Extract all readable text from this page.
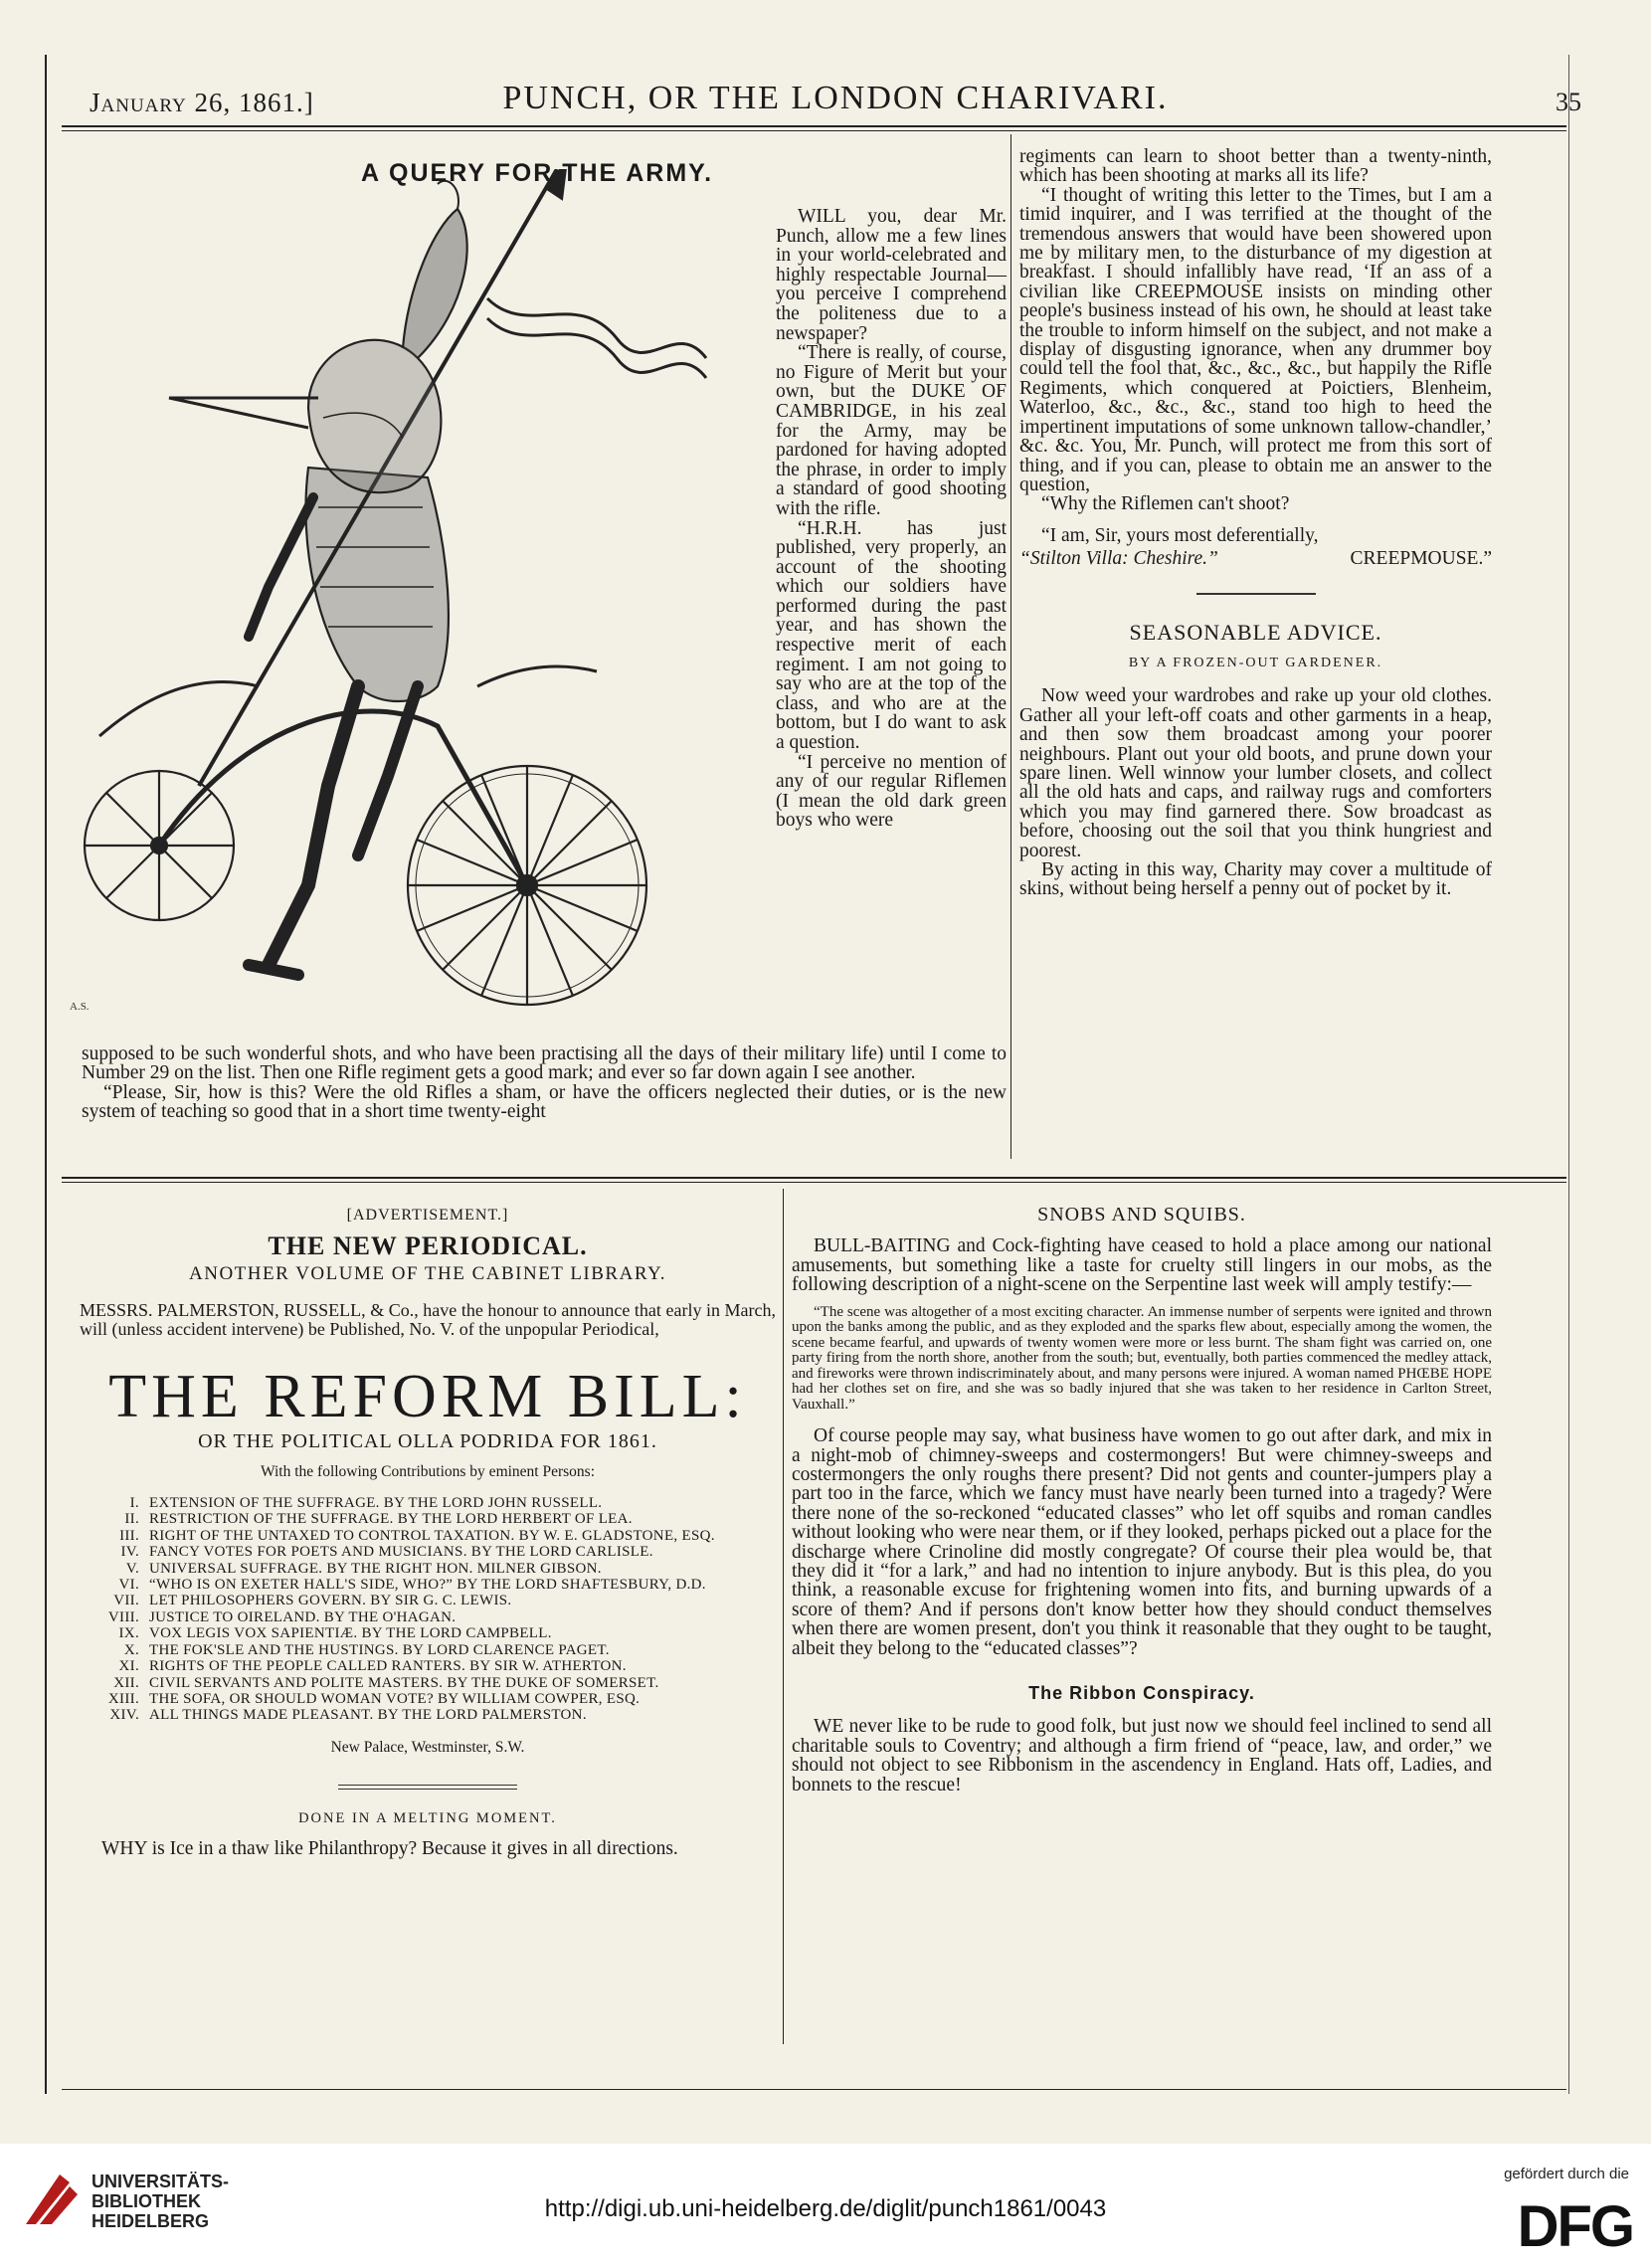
January 26, 1861.]	PUNCH, OR THE LONDON CHARIVARI.	35
A QUERY FOR THE ARMY.

WILL you, dear Mr. Punch, allow me a few lines in your world-celebrated and highly respectable Journal—you perceive I comprehend the politeness due to a newspaper?

“There is really, of course, no Figure of Merit but your own, but the DUKE OF CAMBRIDGE, in his zeal for the Army, may be pardoned for having adopted the phrase, in order to imply a standard of good shooting with the rifle.

“H.R.H. has just published, very properly, an account of the shooting which our soldiers have performed during the past year, and has shown the respective merit of each regiment. I am not going to say who are at the top of the class, and who are at the bottom, but I do want to ask a question.

“I perceive no mention of any of our regular Riflemen (I mean the old dark green boys who were

supposed to be such wonderful shots, and who have been practising all the days of their military life) until I come to Number 29 on the list. Then one Rifle regiment gets a good mark; and ever so far down again I see another.

“Please, Sir, how is this? Were the old Rifles a sham, or have the officers neglected their duties, or is the new system of teaching so good that in a short time twenty-eight

A.S.

regiments can learn to shoot better than a twenty-ninth, which has been shooting at marks all its life?

“I thought of writing this letter to the Times, but I am a timid inquirer, and I was terrified at the thought of the tremendous answers that would have been showered upon me by military men, to the disturbance of my digestion at breakfast. I should infallibly have read, ‘If an ass of a civilian like CREEPMOUSE insists on minding other people's business instead of his own, he should at least take the trouble to inform himself on the subject, and not make a display of disgusting ignorance, when any drummer boy could tell the fool that, &c., &c., &c., but happily the Rifle Regiments, which conquered at Poictiers, Blenheim, Waterloo, &c., &c., &c., stand too high to heed the impertinent imputations of some unknown tallow-chandler,’ &c. &c. You, Mr. Punch, will protect me from this sort of thing, and if you can, please to obtain me an answer to the question,

“Why the Riflemen can't shoot?

“I am, Sir, yours most deferentially,

“Stilton Villa: Cheshire.”	CREEPMOUSE.”
SEASONABLE ADVICE.
BY A FROZEN-OUT GARDENER.

Now weed your wardrobes and rake up your old clothes. Gather all your left-off coats and other garments in a heap, and then sow them broadcast among your poorer neighbours. Plant out your old boots, and prune down your spare linen. Well winnow your lumber closets, and collect all the old hats and caps, and railway rugs and comforters which you may find garnered there. Sow broadcast as before, choosing out the soil that you think hungriest and poorest.

By acting in this way, Charity may cover a multitude of skins, without being herself a penny out of pocket by it.

[ADVERTISEMENT.]
THE NEW PERIODICAL.
ANOTHER VOLUME OF THE CABINET LIBRARY.

MESSRS. PALMERSTON, RUSSELL, & Co., have the honour to announce that early in March, will (unless accident intervene) be Published, No. V. of the unpopular Periodical,

THE REFORM BILL:
OR THE POLITICAL OLLA PODRIDA FOR 1861.
With the following Contributions by eminent Persons:
I. EXTENSION OF THE SUFFRAGE. BY THE LORD JOHN RUSSELL.
II. RESTRICTION OF THE SUFFRAGE. BY THE LORD HERBERT OF LEA.
III. RIGHT OF THE UNTAXED TO CONTROL TAXATION. BY W. E. GLADSTONE, ESQ.
IV. FANCY VOTES FOR POETS AND MUSICIANS. BY THE LORD CARLISLE.
V. UNIVERSAL SUFFRAGE. BY THE RIGHT HON. MILNER GIBSON.
VI. “WHO IS ON EXETER HALL'S SIDE, WHO?” BY THE LORD SHAFTESBURY, D.D.
VII. LET PHILOSOPHERS GOVERN. BY SIR G. C. LEWIS.
VIII. JUSTICE TO OIRELAND. BY THE O'HAGAN.
IX. VOX LEGIS VOX SAPIENTIÆ. BY THE LORD CAMPBELL.
X. THE FOK'SLE AND THE HUSTINGS. BY LORD CLARENCE PAGET.
XI. RIGHTS OF THE PEOPLE CALLED RANTERS. BY SIR W. ATHERTON.
XII. CIVIL SERVANTS AND POLITE MASTERS. BY THE DUKE OF SOMERSET.
XIII. THE SOFA, OR SHOULD WOMAN VOTE? BY WILLIAM COWPER, ESQ.
XIV. ALL THINGS MADE PLEASANT. BY THE LORD PALMERSTON.
New Palace, Westminster, S.W.
DONE IN A MELTING MOMENT.

WHY is Ice in a thaw like Philanthropy? Because it gives in all directions.

SNOBS AND SQUIBS.

BULL-BAITING and Cock-fighting have ceased to hold a place among our national amusements, but something like a taste for cruelty still lingers in our mobs, as the following description of a night-scene on the Serpentine last week will amply testify:—

“The scene was altogether of a most exciting character. An immense number of serpents were ignited and thrown upon the banks among the public, and as they exploded and the sparks flew about, especially among the women, the scene became fearful, and upwards of twenty women were more or less burnt. The sham fight was carried on, one party firing from the north shore, another from the south; but, eventually, both parties commenced the medley attack, and fireworks were thrown indiscriminately about, and many persons were injured. A woman named PHŒBE HOPE had her clothes set on fire, and she was so badly injured that she was taken to her residence in Carlton Street, Vauxhall.”

Of course people may say, what business have women to go out after dark, and mix in a night-mob of chimney-sweeps and costermongers! But were chimney-sweeps and costermongers the only roughs there present? Did not gents and counter-jumpers play a part too in the farce, which we fancy must have nearly been turned into a tragedy? Were there none of the so-reckoned “educated classes” who let off squibs and roman candles without looking who were near them, or if they looked, perhaps picked out a place for the discharge where Crinoline did mostly congregate? Of course their plea would be, that they did it “for a lark,” and had no intention to injure anybody. But is this plea, do you think, a reasonable excuse for frightening women into fits, and burning upwards of a score of them? And if persons don't know better how they should conduct themselves when there are women present, don't you think it reasonable that they ought to be taught, albeit they belong to the “educated classes”?

The Ribbon Conspiracy.

WE never like to be rude to good folk, but just now we should feel inclined to send all charitable souls to Coventry; and although a firm friend of “peace, law, and order,” we should not object to see Ribbonism in the ascendency in England. Hats off, Ladies, and bonnets to the rescue!

UNIVERSITÄTS-
BIBLIOTHEK
HEIDELBERG	http://digi.ub.uni-heidelberg.de/diglit/punch1861/0043
gefördert durch die
DFG
